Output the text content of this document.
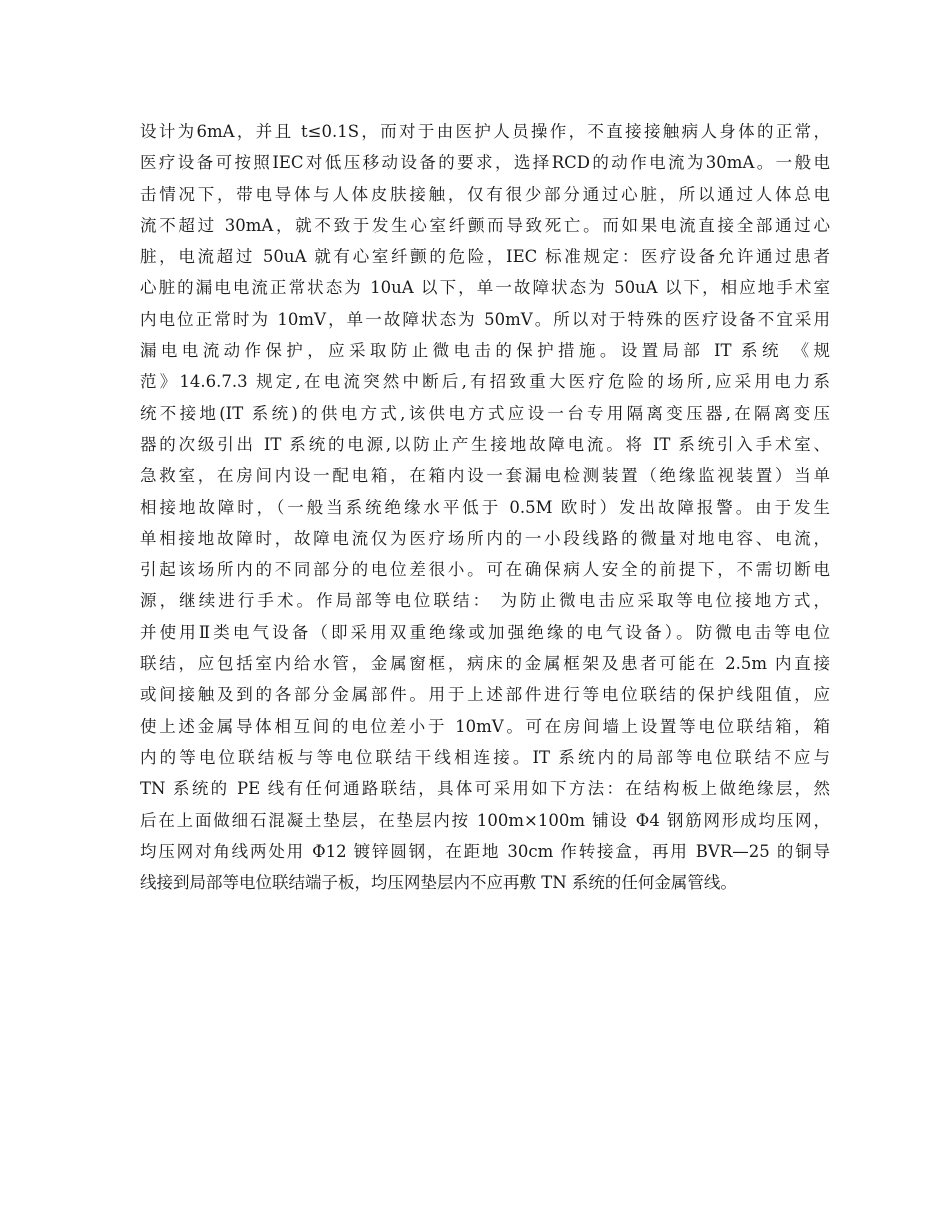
设计为6mA，并且 t≤0.1S，而对于由医护人员操作，不直接接触病人身体的正常，
医疗设备可按照IEC对低压移动设备的要求，选择RCD的动作电流为30mA。一般电
击情况下，带电导体与人体皮肤接触，仅有很少部分通过心脏，所以通过人体总电
流不超过 30mA，就不致于发生心室纤颤而导致死亡。而如果电流直接全部通过心
脏，电流超过 50uA 就有心室纤颤的危险，IEC 标准规定：医疗设备允许通过患者
心脏的漏电电流正常状态为 10uA 以下，单一故障状态为 50uA 以下，相应地手术室
内电位正常时为 10mV，单一故障状态为 50mV。所以对于特殊的医疗设备不宜采用
漏电电流动作保护，应采取防止微电击的保护措施。设置局部 IT 系统 《规
范》14.6.7.3 规定,在电流突然中断后,有招致重大医疗危险的场所,应采用电力系
统不接地(IT 系统)的供电方式,该供电方式应设一台专用隔离变压器,在隔离变压
器的次级引出 IT 系统的电源,以防止产生接地故障电流。将 IT 系统引入手术室、
急救室，在房间内设一配电箱，在箱内设一套漏电检测装置（绝缘监视装置）当单
相接地故障时，（一般当系统绝缘水平低于 0.5M 欧时）发出故障报警。由于发生
单相接地故障时，故障电流仅为医疗场所内的一小段线路的微量对地电容、电流，
引起该场所内的不同部分的电位差很小。可在确保病人安全的前提下，不需切断电
源，继续进行手术。作局部等电位联结： 为防止微电击应采取等电位接地方式，
并使用Ⅱ类电气设备（即采用双重绝缘或加强绝缘的电气设备）。防微电击等电位
联结，应包括室内给水管，金属窗框，病床的金属框架及患者可能在 2.5m 内直接
或间接触及到的各部分金属部件。用于上述部件进行等电位联结的保护线阻值，应
使上述金属导体相互间的电位差小于 10mV。可在房间墙上设置等电位联结箱，箱
内的等电位联结板与等电位联结干线相连接。IT 系统内的局部等电位联结不应与
TN 系统的 PE 线有任何通路联结，具体可采用如下方法：在结构板上做绝缘层，然
后在上面做细石混凝土垫层，在垫层内按 100m×100m 铺设 Φ4 钢筋网形成均压网，
均压网对角线两处用 Φ12 镀锌圆钢，在距地 30cm 作转接盒，再用 BVR—25 的铜导
线接到局部等电位联结端子板，均压网垫层内不应再敷 TN 系统的任何金属管线。
